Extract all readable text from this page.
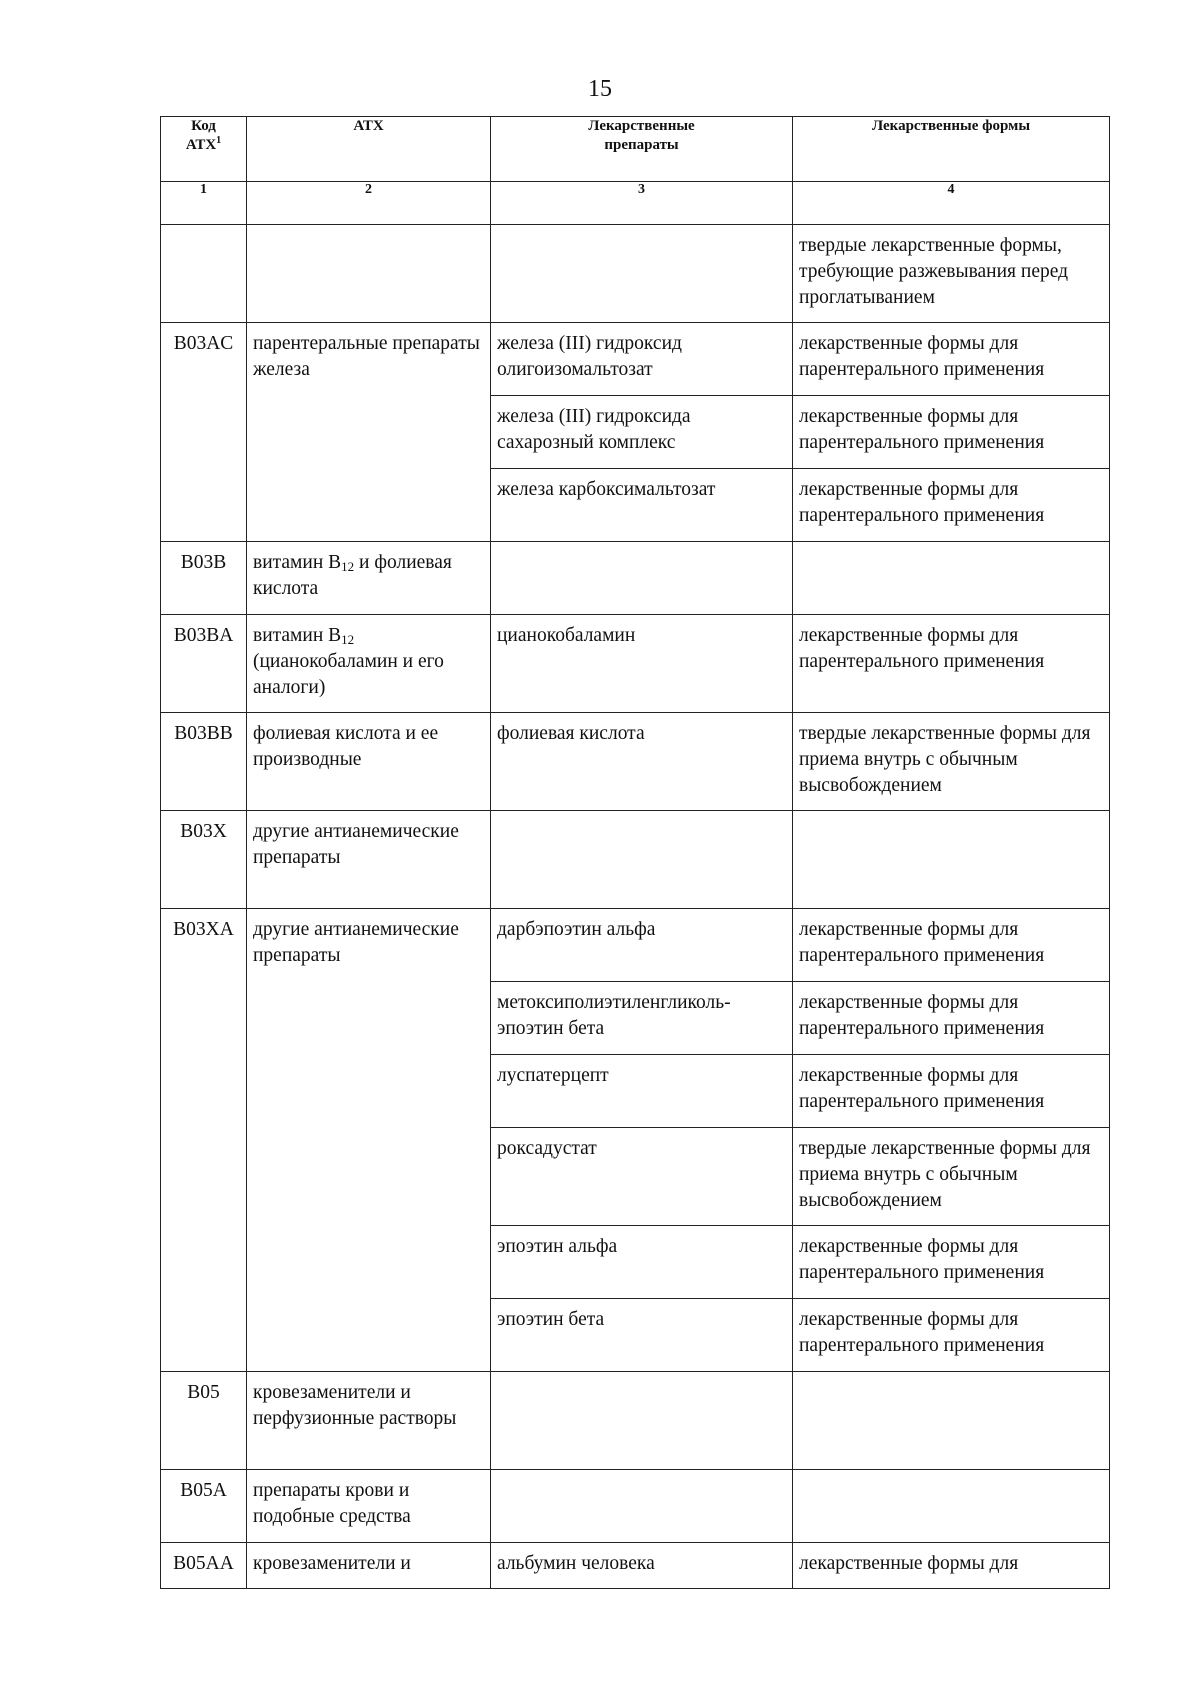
15
Код
АТХ$^1$	АТХ	Лекарственные препараты	Лекарственные формы
1	2	3	4

			твердые лекарственные формы, требующие разжевывания перед проглатыванием

B03AC	парентеральные препараты железа	железа (III) гидроксид олигоизомальтозат	лекарственные формы для парентерального применения

		железа (III) гидроксида сахарозный комплекс	лекарственные формы для парентерального применения

		железа карбоксимальтозат	лекарственные формы для парентерального применения

B03B	витамин $B_{12}$ и фолиевая кислота		

B03BA	витамин $B_{12}$ (цианокобаламин и его аналоги)	цианокобаламин	лекарственные формы для парентерального применения

B03BB	фолиевая кислота и ее производные	фолиевая кислота	твердые лекарственные формы для приема внутрь с обычным высвобождением

B03X	другие антианемические препараты		

B03XA	другие антианемические препараты	дарбэпоэтин альфа	лекарственные формы для парентерального применения

		метоксиполиэтиленгликоль-эпоэтин бета	лекарственные формы для парентерального применения

		луспатерцепт	лекарственные формы для парентерального применения

		роксадустат	твердые лекарственные формы для приема внутрь с обычным высвобождением

		эпоэтин альфа	лекарственные формы для парентерального применения

		эпоэтин бета	лекарственные формы для парентерального применения

B05	кровезаменители и перфузионные растворы		

B05A	препараты крови и подобные средства		

B05AA	кровезаменители и	альбумин человека	лекарственные формы для
